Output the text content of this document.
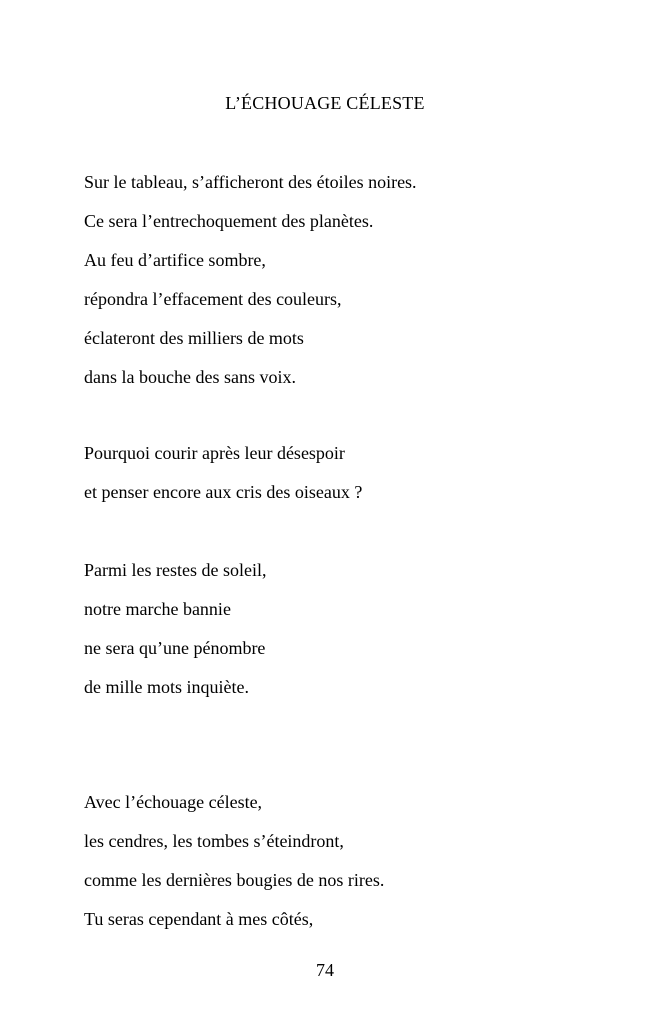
L’ÉCHOUAGE CÉLESTE
Sur le tableau, s’afficheront des étoiles noires.
Ce sera l’entrechoquement des planètes.
Au feu d’artifice sombre,
répondra l’effacement des couleurs,
éclateront des milliers de mots
dans la bouche des sans voix.
Pourquoi courir après leur désespoir
et penser encore aux cris des oiseaux ?
Parmi les restes de soleil,
notre marche bannie
ne sera qu’une pénombre
de mille mots inquiète.
Avec l’échouage céleste,
les cendres, les tombes s’éteindront,
comme les dernières bougies de nos rires.
Tu seras cependant à mes côtés,
74
